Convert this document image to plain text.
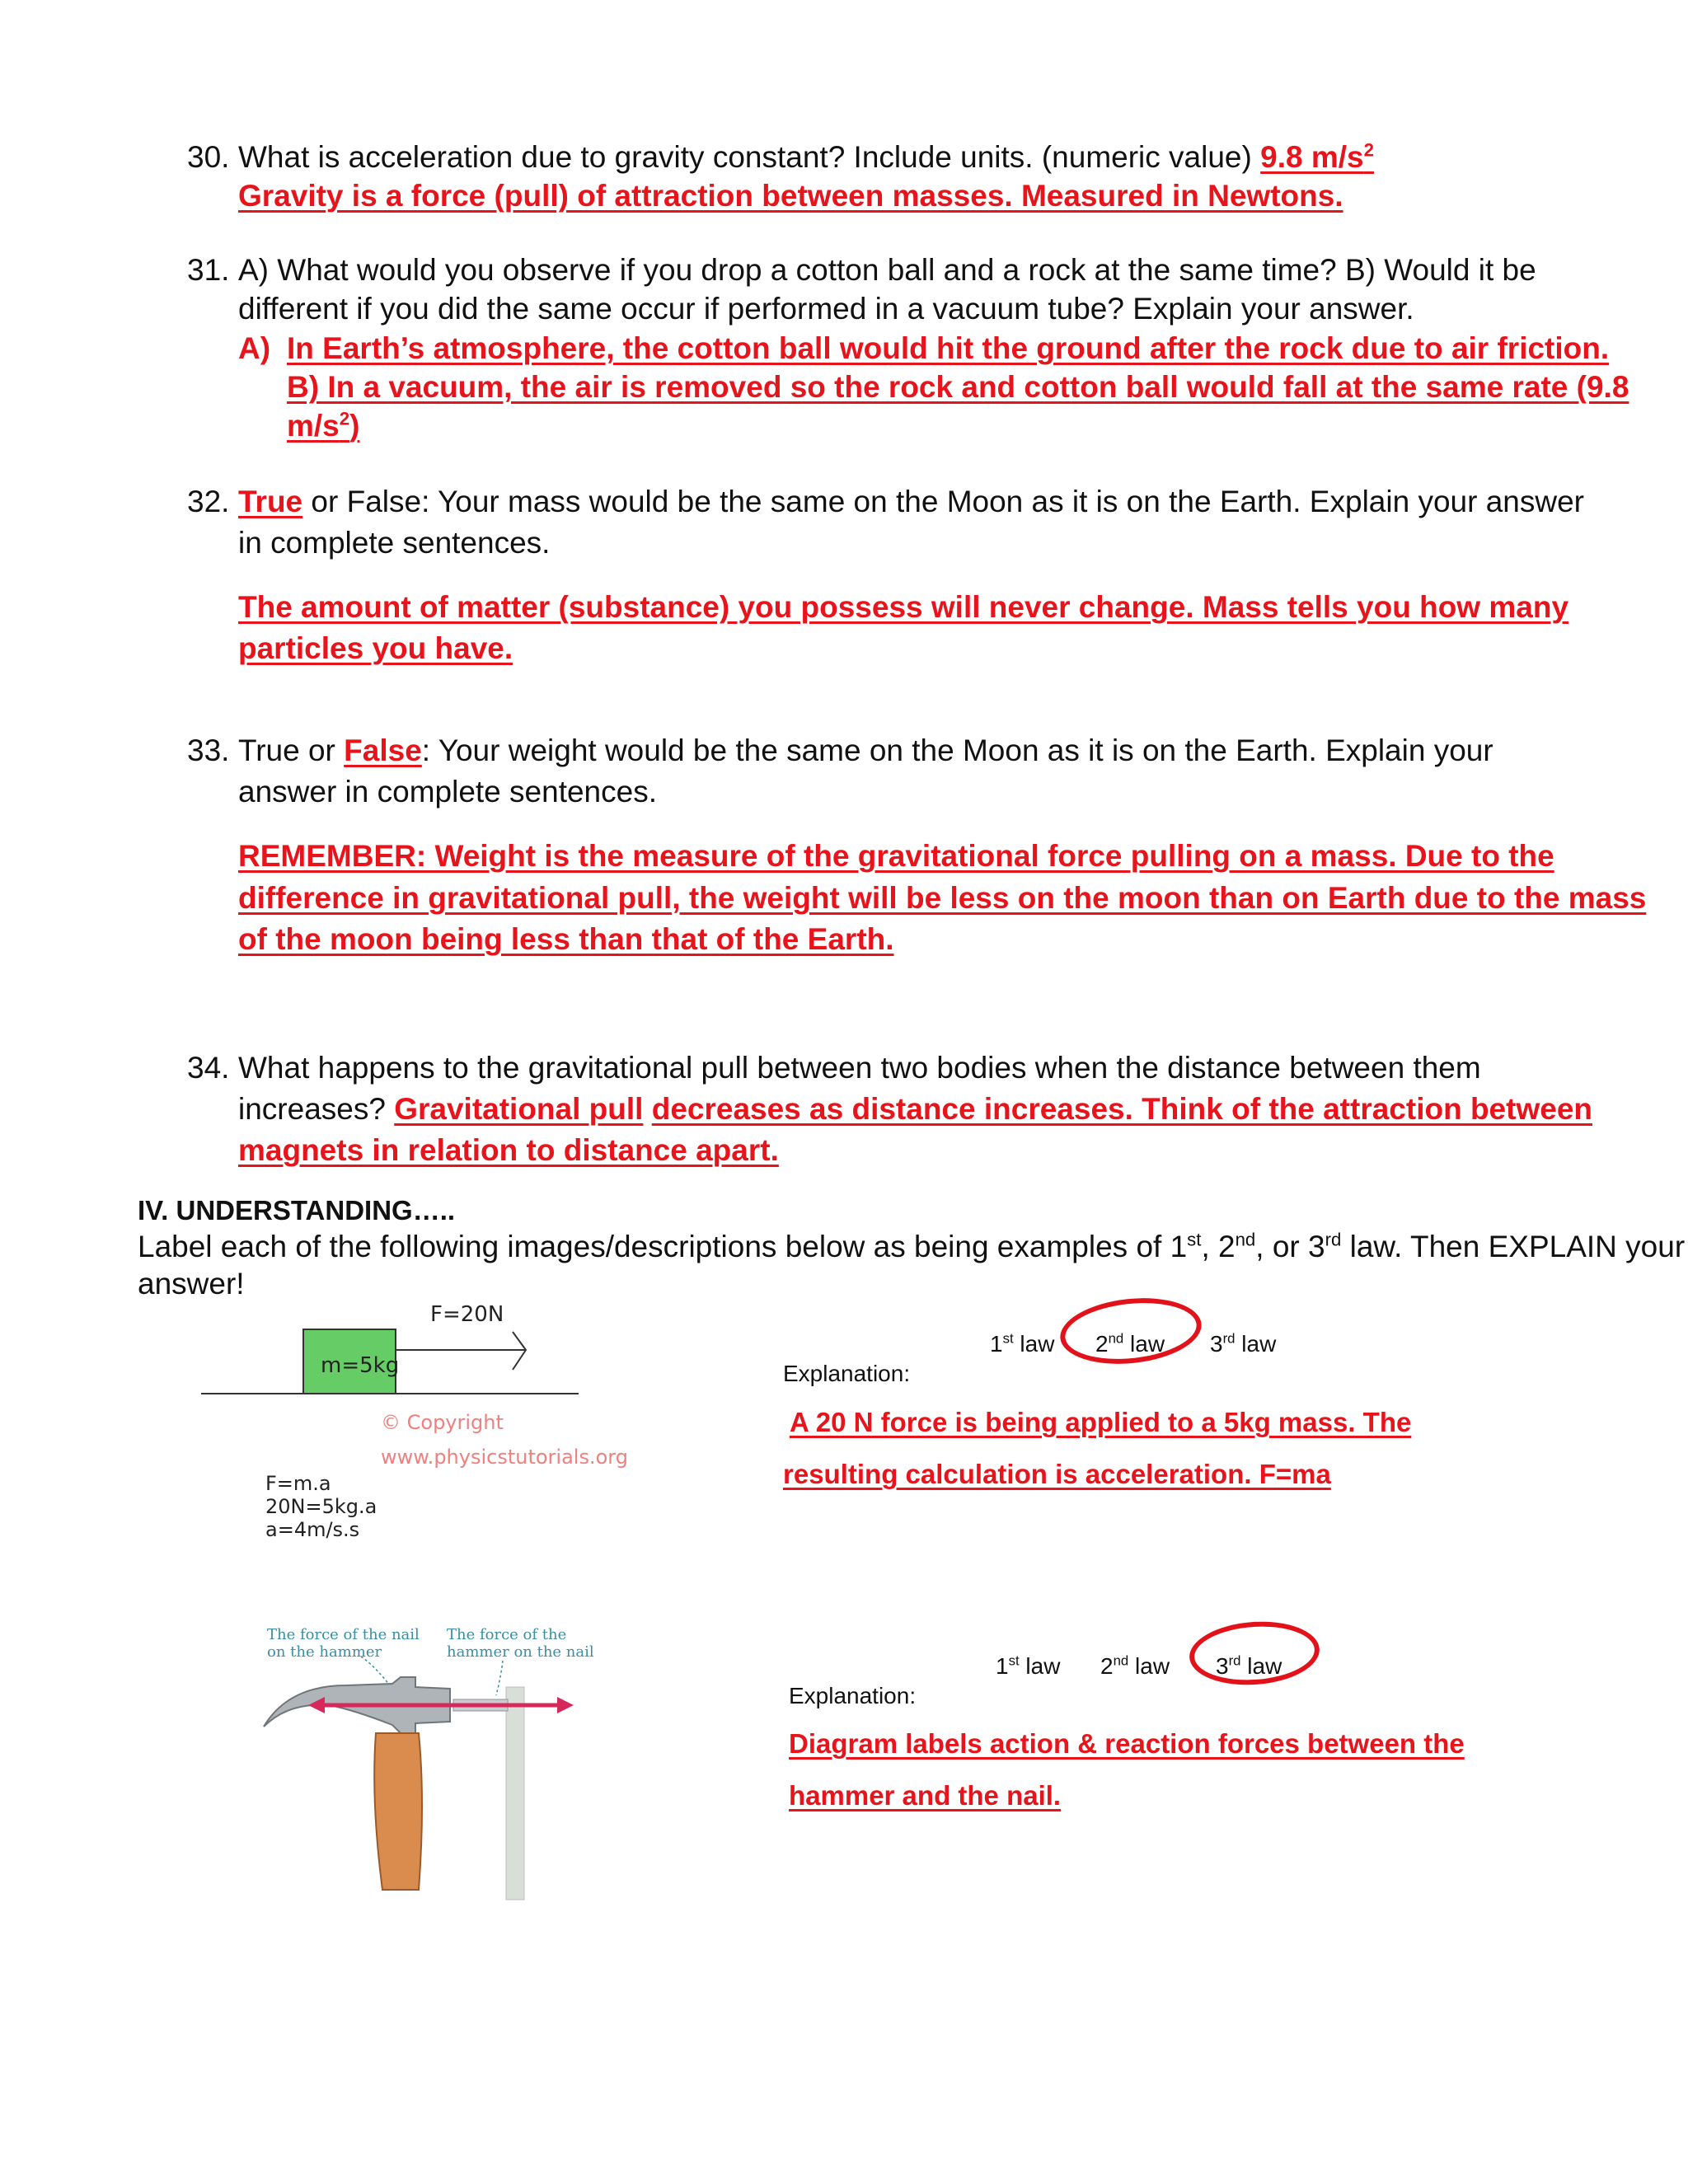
30. What is acceleration due to gravity constant? Include units. (numeric value) 9.8 $m/s^2$
Gravity is a force (pull) of attraction between masses. Measured in Newtons.
31. A) What would you observe if you drop a cotton ball and a rock at the same time? B) Would it be
different if you did the same occur if performed in a vacuum tube? Explain your answer.
A) In Earth’s atmosphere, the cotton ball would hit the ground after the rock due to air friction.
B) In a vacuum, the air is removed so the rock and cotton ball would fall at the same rate (9.8
$m/s^2$)
32. True or False: Your mass would be the same on the Moon as it is on the Earth. Explain your answer
in complete sentences.
The amount of matter (substance) you possess will never change. Mass tells you how many
particles you have.
33. True or False: Your weight would be the same on the Moon as it is on the Earth. Explain your
answer in complete sentences.
REMEMBER: Weight is the measure of the gravitational force pulling on a mass. Due to the
difference in gravitational pull, the weight will be less on the moon than on Earth due to the mass
of the moon being less than that of the Earth.
34. What happens to the gravitational pull between two bodies when the distance between them
increases? Gravitational pull decreases as distance increases. Think of the attraction between
magnets in relation to distance apart.
IV. UNDERSTANDING…..
Label each of the following images/descriptions below as being examples of 1st, 2nd, or 3rd law. Then EXPLAIN your
answer!
F=20N
m=5kg
© Copyright
www.physicstutorials.org
F=m.a
20N=5kg.a
a=4m/s.s
1st law 2nd law 3rd law
Explanation:
A 20 N force is being applied to a 5kg mass. The
resulting calculation is acceleration. F=ma
The force of the nail
on the hammer
The force of the
hammer on the nail
1st law 2nd law 3rd law
Explanation:
Diagram labels action & reaction forces between the
hammer and the nail.
